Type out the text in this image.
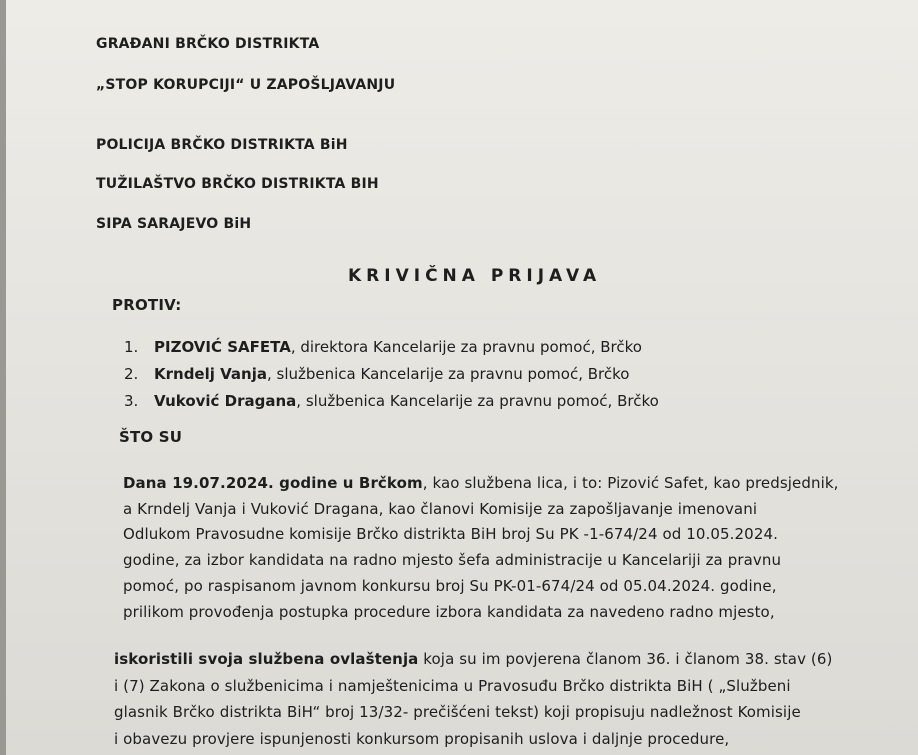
GRAĐANI BRČKO DISTRIKTA

„STOP KORUPCIJI“ U ZAPOŠLJAVANJU

POLICIJA BRČKO DISTRIKTA BiH

TUŽILAŠTVO BRČKO DISTRIKTA BIH

SIPA SARAJEVO BiH

KRIVIČNA PRIJAVA

PROTIV:

1. PIZOVIĆ SAFETA, direktora Kancelarije za pravnu pomoć, Brčko

2. Krndelj Vanja, službenica Kancelarije za pravnu pomoć, Brčko

3. Vuković Dragana, službenica Kancelarije za pravnu pomoć, Brčko

ŠTO SU

Dana 19.07.2024. godine u Brčkom, kao službena lica, i to: Pizović Safet, kao predsjednik,

a Krndelj Vanja i Vuković Dragana, kao članovi Komisije za zapošljavanje imenovani

Odlukom Pravosudne komisije Brčko distrikta BiH broj Su PK -1-674/24 od 10.05.2024.

godine, za izbor kandidata na radno mjesto šefa administracije u Kancelariji za pravnu

pomoć, po raspisanom javnom konkursu broj Su PK-01-674/24 od 05.04.2024. godine,

prilikom provođenja postupka procedure izbora kandidata za navedeno radno mjesto,

iskoristili svoja službena ovlaštenja koja su im povjerena članom 36. i članom 38. stav (6)

i (7) Zakona o službenicima i namještenicima u Pravosuđu Brčko distrikta BiH ( „Službeni

glasnik Brčko distrikta BiH“ broj 13/32- prečišćeni tekst) koji propisuju nadležnost Komisije

i obavezu provjere ispunjenosti konkursom propisanih uslova i daljnje procedure,
